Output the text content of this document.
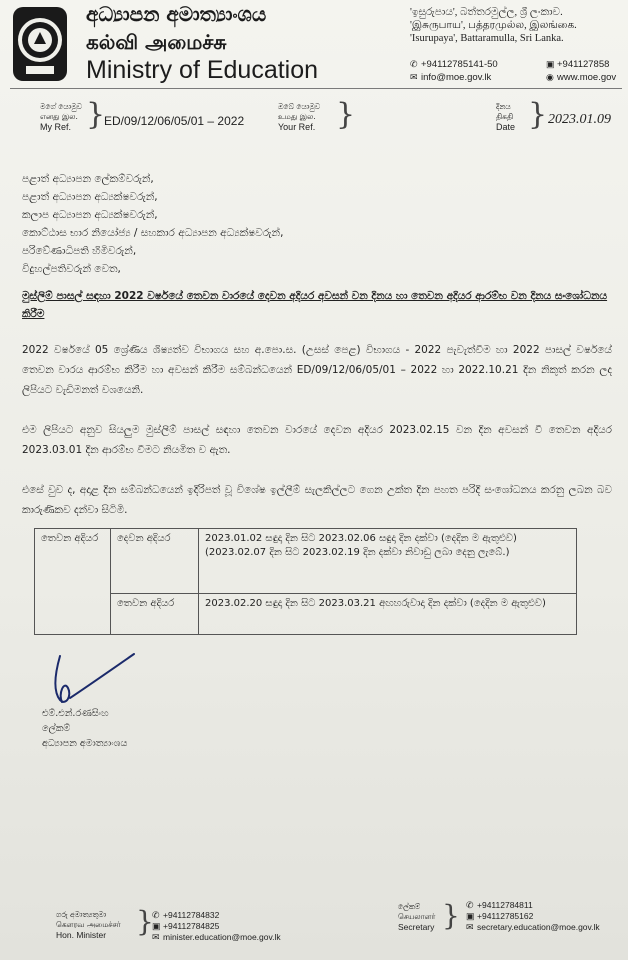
අධ්‍යාපන අමාත්‍යාංශය
கல்வி அமைச்சு
Ministry of Education
'ඉසුරුපාය', බත්තරමුල්ල, ශ්‍රී ලංකාව.
'இசுருபாய', பத்தரமுல்ல, இலங்கை.
'Isurupaya', Battaramulla, Sri Lanka.
✆ +94112785141-50
✉ info@moe.gov.lk
▣ +941127858
◉ www.moe.gov
මගේ යොමුව
எனது இல.
My Ref. }
ED/09/12/06/05/01 – 2022
ඔබේ යොමුව
உமது இல.
Your Ref. }	දිනය
திகதி
Date } 2023.01.09
පළාත් අධ්‍යාපන ලේකම්වරුන්,
පළාත් අධ්‍යාපන අධ්‍යක්ෂවරුන්,
කලාප අධ්‍යාපන අධ්‍යක්ෂවරුන්,
කොට්ඨාස භාර නියෝජ්‍ය / සහකාර අධ්‍යාපන අධ්‍යක්ෂවරුන්,
පරිවේණාධිපති හිමිවරුන්,
විදුහල්පතිවරුන් වෙත,
මුස්ලිම් පාසල් සඳහා 2022 වර්ෂයේ තෙවන වාරයේ දෙවන අදියර අවසන් වන දිනය හා තෙවන අදියර ආරම්භ වන දිනය සංශෝධනය කිරීම
2022 වර්ෂයේ 05 ශ්‍රේණිය ශිෂ්‍යත්ව විභාගය සහ අ.පො.ස. (උසස් පෙළ) විභාගය - 2022 පැවැත්වීම හා 2022 පාසල් වර්ෂයේ තෙවන වාරය ආරම්භ කිරීම හා අවසන් කිරීම සම්බන්ධයෙන් ED/09/12/06/05/01 – 2022 හා 2022.10.21 දින නිකුත් කරන ලද ලිපියට වැඩිමනත් වශයෙනි.
එම ලිපියට අනුව සියලුම මුස්ලිම් පාසල් සඳහා තෙවන වාරයේ දෙවන අදියර 2023.02.15 වන දින අවසන් වී තෙවන අදියර 2023.03.01 දින ආරම්භ වීමට නියමිත ව ඇත.
එසේ වුව ද, අදාළ දින සම්බන්ධයෙන් ඉදිරිපත් වූ විශේෂ ඉල්ලීම් සැලකිල්ලට ගෙන උක්ත දින පහත පරිදි සංශෝධනය කරනු ලබන බව කාරුණිකව දන්වා සිටිමි.
තෙවන අදියර	දෙවන අදියර	2023.01.02 සඳුදා දින සිට 2023.02.06 සඳුදා දින දක්වා (දෙදින ම ඇතුළුව)
(2023.02.07 දින සිට 2023.02.19 දින දක්වා නිවාඩු ලබා දෙනු ලැබේ.)

	තෙවන අදියර	2023.02.20 සඳුදා දින සිට 2023.03.21 අඟහරුවාදා දින දක්වා (දෙදින ම ඇතුළුව)
එම්.එන්.රණසිංහ
ලේකම්
අධ්‍යාපන අමාත්‍යාංශය
ගරු අමාත්‍යතුමා
கௌரவ அமைச்சர்
Hon. Minister	}
✆ +94112784832
▣ +94112784825
✉ minister.education@moe.gov.lk
ලේකම්
செயலாளர்
Secretary } ✆ +94112784811
▣ +94112785162
✉ secretary.education@moe.gov.lk
